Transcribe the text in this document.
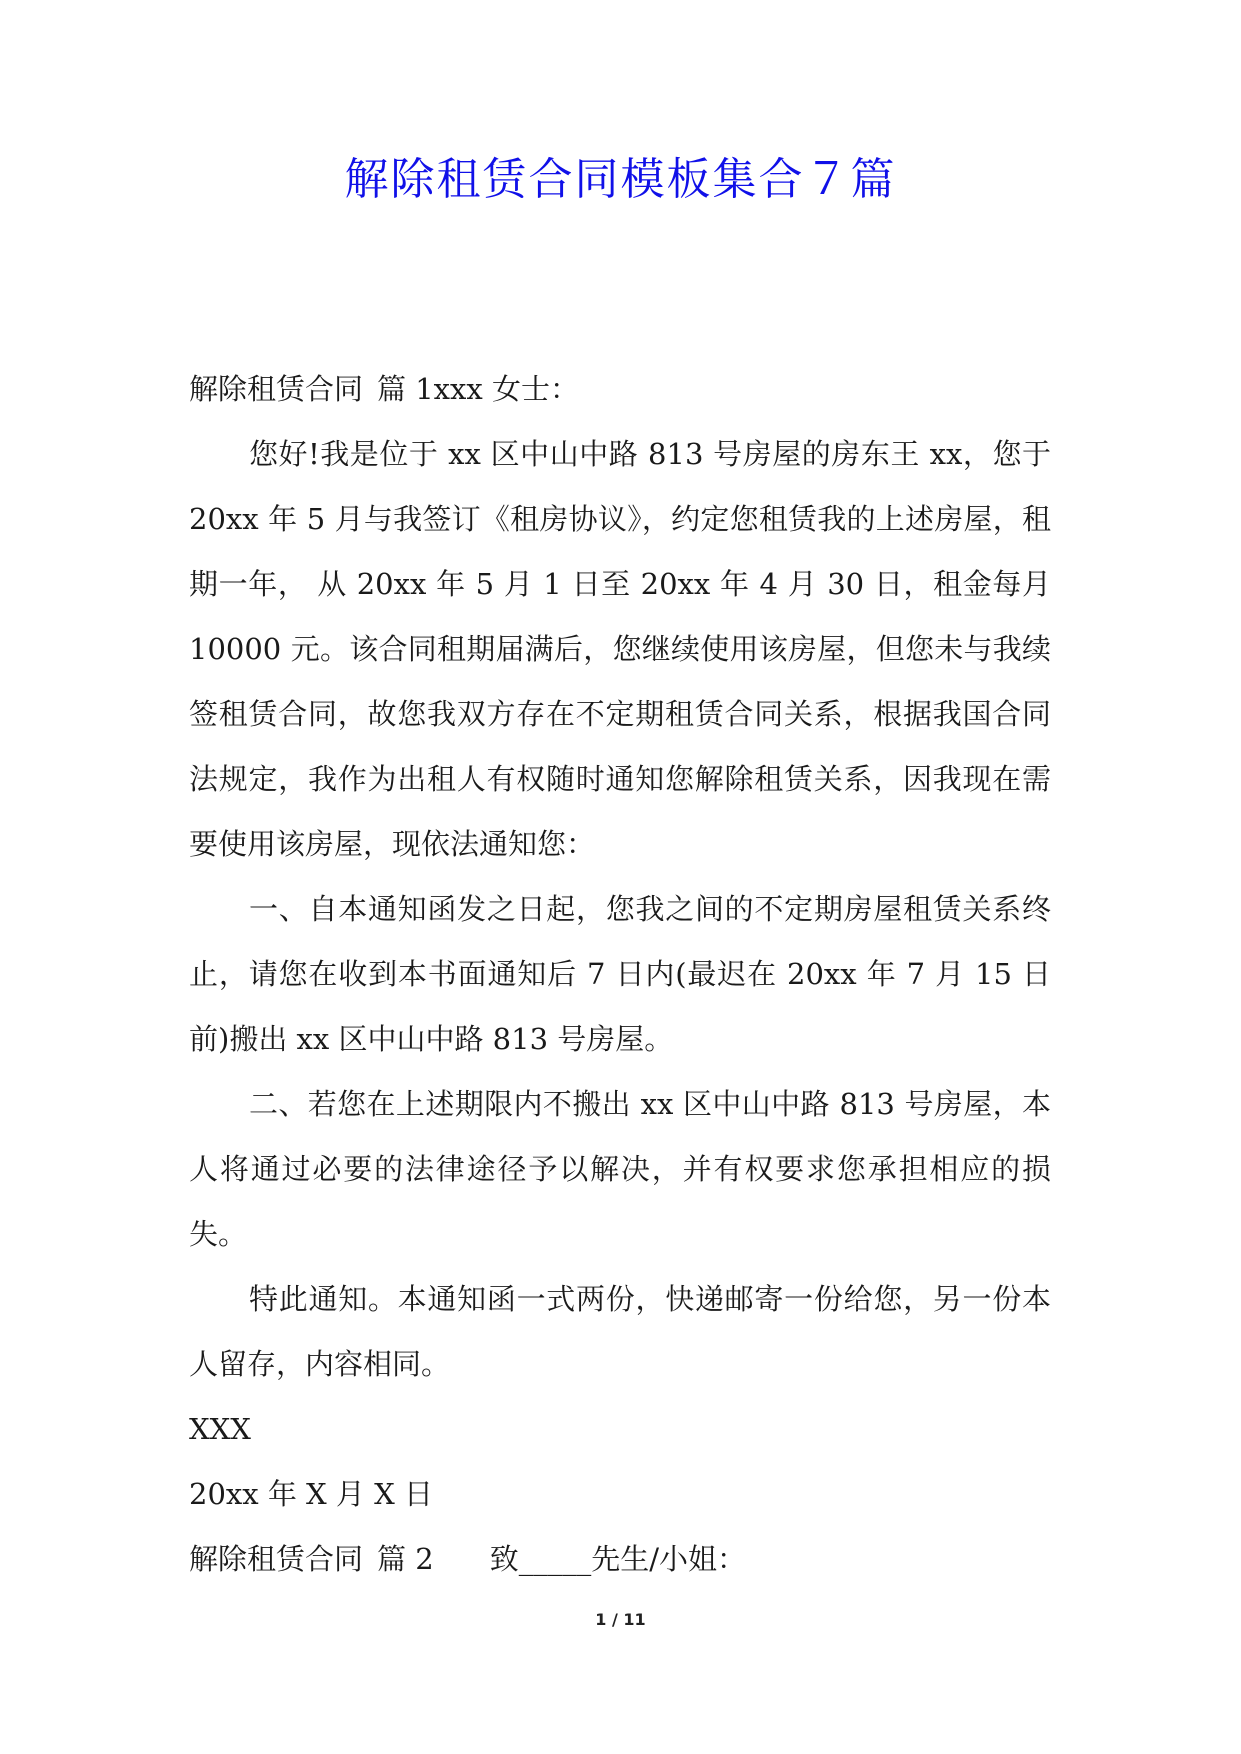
解除租赁合同模板集合７篇

解除租赁合同 篇 1xxx 女士：

您好!我是位于 xx 区中山中路 813 号房屋的房东王 xx，您于 20xx 年 5 月与我签订《租房协议》，约定您租赁我的上述房屋，租期一年， 从 20xx 年 5 月 1 日至 20xx 年 4 月 30 日，租金每月 10000 元。该合同租期届满后，您继续使用该房屋，但您未与我续签租赁合同，故您我双方存在不定期租赁合同关系，根据我国合同法规定，我作为出租人有权随时通知您解除租赁关系，因我现在需要使用该房屋，现依法通知您：

一、自本通知函发之日起，您我之间的不定期房屋租赁关系终止，请您在收到本书面通知后 7 日内(最迟在 20xx 年 7 月 15 日前)搬出 xx 区中山中路 813 号房屋。

二、若您在上述期限内不搬出 xx 区中山中路 813 号房屋，本人将通过必要的法律途径予以解决，并有权要求您承担相应的损失。

特此通知。本通知函一式两份，快递邮寄一份给您，另一份本人留存，内容相同。

XXX

20xx 年 X 月 X 日

解除租赁合同 篇 2 致_____先生/小姐：

1 / 11
